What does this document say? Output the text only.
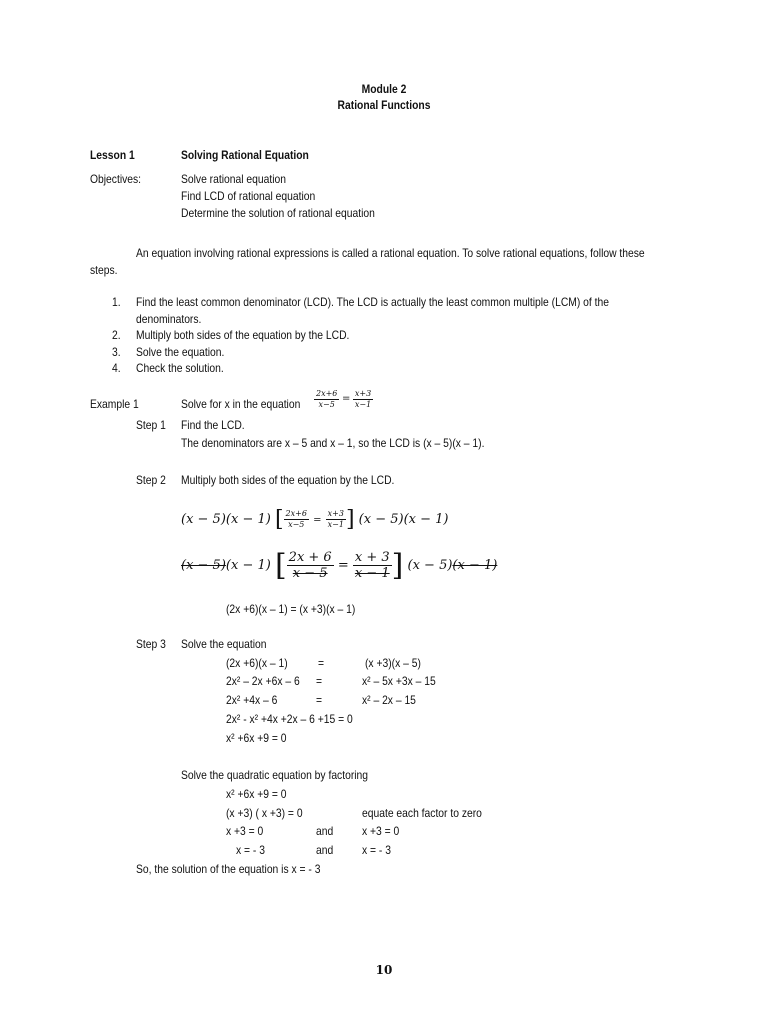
Module 2
Rational Functions
Lesson 1	Solving Rational Equation
Objectives:	Solve rational equation
Find LCD of rational equation
Determine the solution of rational equation
An equation involving rational expressions is called a rational equation. To solve rational equations, follow these
steps.
1. Find the least common denominator (LCD). The LCD is actually the least common multiple (LCM) of the
denominators.
2. Multiply both sides of the equation by the LCD.
3. Solve the equation.
4. Check the solution.
Example 1	Solve for x in the equation $\frac{2x+6}{x-5} = \frac{x+3}{x-1}$
Step 1 Find the LCD.
The denominators are x – 5 and x – 1, so the LCD is (x – 5)(x – 1).
Step 2 Multiply both sides of the equation by the LCD.
(x − 5)(x − 1) [ $\frac{2x+6}{x-5} = \frac{x+3}{x-1}$ ] (x − 5)(x − 1)
(x − 5)(x − 1) [ $\frac{2x + 6}{x - 5} = \frac{x + 3}{x - 1}$ ] (x − 5)(x − 1)
(2x +6)(x – 1) = (x +3)(x – 1)
Step 3 Solve the equation
(2x +6)(x – 1)	=	(x +3)(x – 5)
2x² – 2x +6x – 6 =	x² – 5x +3x – 15
2x² +4x – 6	=	x² – 2x – 15
2x² - x² +4x +2x – 6 +15 = 0
x² +6x +9 = 0
Solve the quadratic equation by factoring
x² +6x +9 = 0
(x +3) ( x +3) = 0	equate each factor to zero
x +3 = 0	and x +3 = 0
x = - 3	and x = - 3
So, the solution of the equation is x = - 3
10
